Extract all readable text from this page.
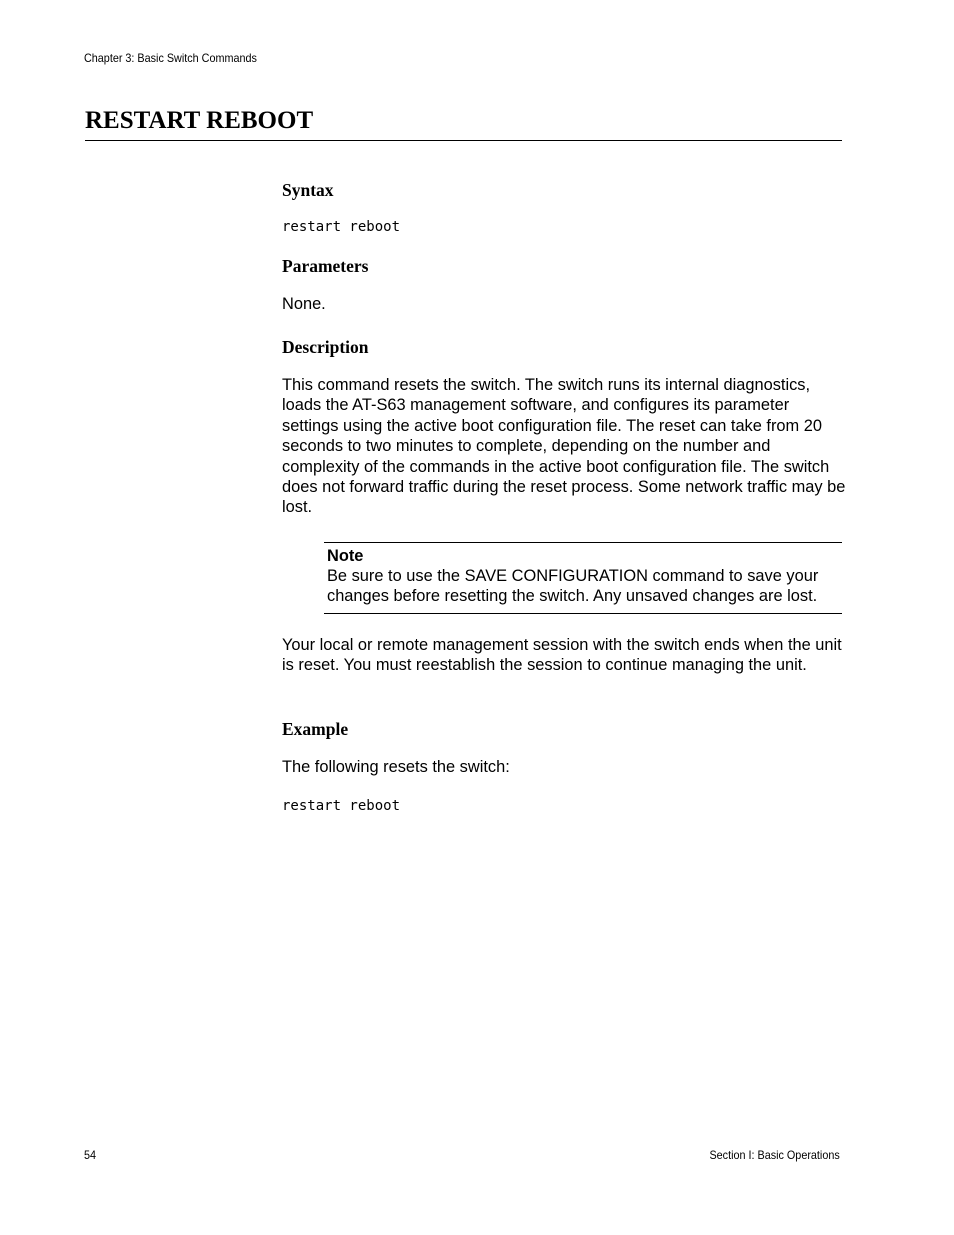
Chapter 3: Basic Switch Commands
RESTART REBOOT
Syntax
restart reboot
Parameters

None.

Description

This command resets the switch. The switch runs its internal diagnostics, loads the AT-S63 management software, and configures its parameter settings using the active boot configuration file. The reset can take from 20 seconds to two minutes to complete, depending on the number and complexity of the commands in the active boot configuration file. The switch does not forward traffic during the reset process. Some network traffic may be lost.

Note

Be sure to use the SAVE CONFIGURATION command to save your changes before resetting the switch. Any unsaved changes are lost.

Your local or remote management session with the switch ends when the unit is reset. You must reestablish the session to continue managing the unit.

Example

The following resets the switch:

restart reboot
54	Section I: Basic Operations
